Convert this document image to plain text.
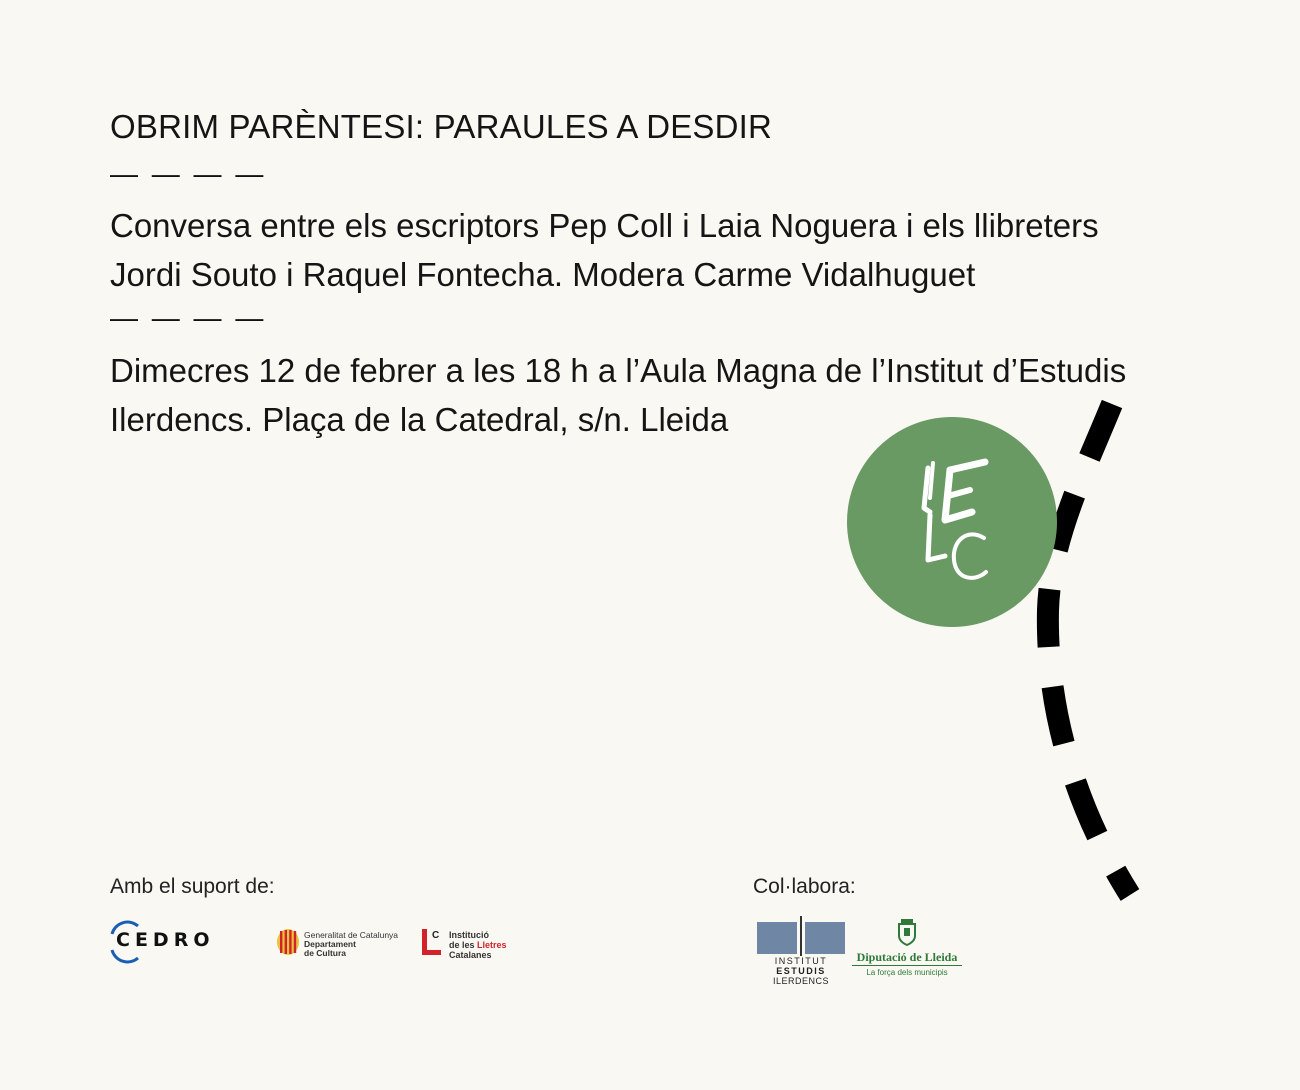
OBRIM PARÈNTESI: PARAULES A DESDIR
— — — —
Conversa entre els escriptors Pep Coll i Laia Noguera i els llibreters
Jordi Souto i Raquel Fontecha. Modera Carme Vidalhuguet
— — — —
Dimecres 12 de febrer a les 18 h a l’Aula Magna de l’Institut d’Estudis
Ilerdencs. Plaça de la Catedral, s/n. Lleida
Amb el suport de:	Col·labora:
CEDRO	Generalitat de Catalunya
Departament
de Cultura
C Institució
de les Lletres
Catalanes
INSTITUT
ESTUDIS
ILERDENCS
Diputació de Lleida
La força dels municipis
